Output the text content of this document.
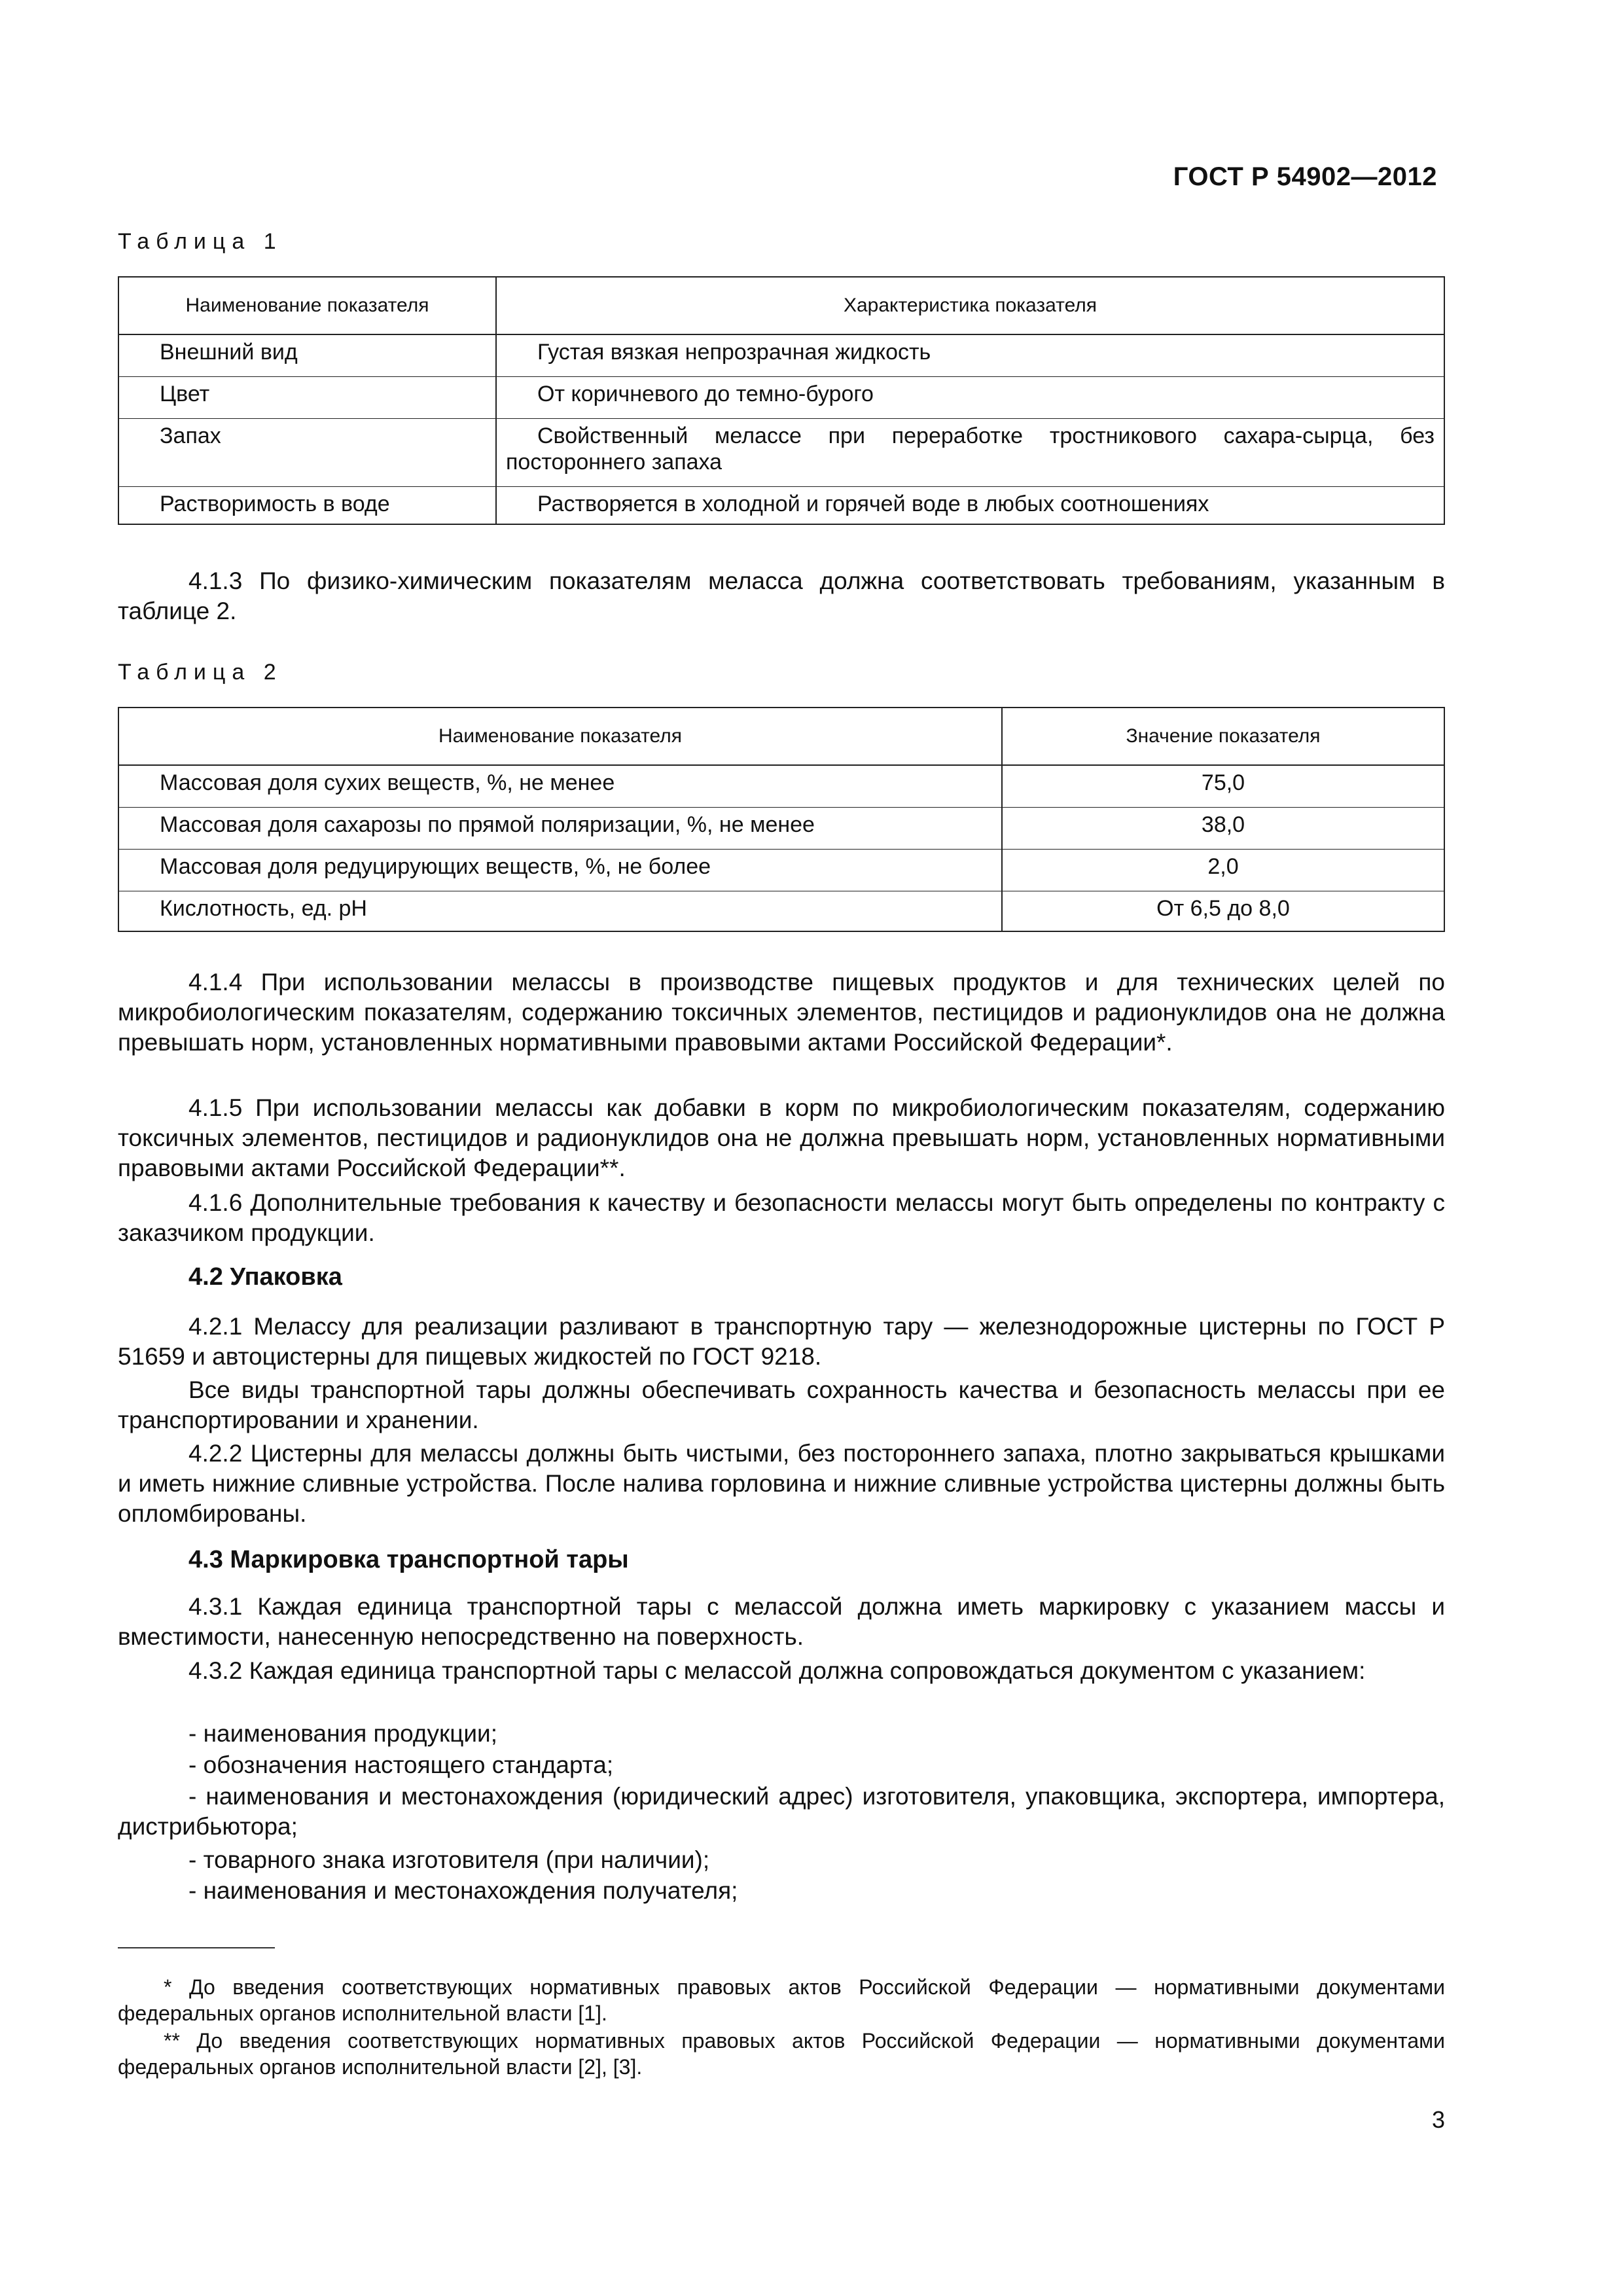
ГОСТ Р 54902—2012
Таблица 1
Наименование показателя	Характеристика показателя
Внешний вид	Густая вязкая непрозрачная жидкость
Цвет	От коричневого до темно-бурого
Запах	Свойственный мелассе при переработке тростникового сахара-сырца, без постороннего запаха
Растворимость в воде	Растворяется в холодной и горячей воде в любых соотношениях

4.1.3 По физико-химическим показателям меласса должна соответствовать требованиям, указанным в таблице 2.

Таблица 2
Наименование показателя	Значение показателя
Массовая доля сухих веществ, %, не менее	75,0
Массовая доля сахарозы по прямой поляризации, %, не менее	38,0
Массовая доля редуцирующих веществ, %, не более	2,0
Кислотность, ед. pH	От 6,5 до 8,0

4.1.4 При использовании мелассы в производстве пищевых продуктов и для технических целей по микробиологическим показателям, содержанию токсичных элементов, пестицидов и радионуклидов она не должна превышать норм, установленных нормативными правовыми актами Российской Федерации*.

4.1.5 При использовании мелассы как добавки в корм по микробиологическим показателям, содержанию токсичных элементов, пестицидов и радионуклидов она не должна превышать норм, установленных нормативными правовыми актами Российской Федерации**.

4.1.6 Дополнительные требования к качеству и безопасности мелассы могут быть определены по контракту с заказчиком продукции.

4.2 Упаковка

4.2.1 Мелассу для реализации разливают в транспортную тару — железнодорожные цистерны по ГОСТ Р 51659 и автоцистерны для пищевых жидкостей по ГОСТ 9218.

Все виды транспортной тары должны обеспечивать сохранность качества и безопасность мелассы при ее транспортировании и хранении.

4.2.2 Цистерны для мелассы должны быть чистыми, без постороннего запаха, плотно закрываться крышками и иметь нижние сливные устройства. После налива горловина и нижние сливные устройства цистерны должны быть опломбированы.

4.3 Маркировка транспортной тары

4.3.1 Каждая единица транспортной тары с мелассой должна иметь маркировку с указанием массы и вместимости, нанесенную непосредственно на поверхность.

4.3.2 Каждая единица транспортной тары с мелассой должна сопровождаться документом с указанием:

- наименования продукции;
- обозначения настоящего стандарта;

- наименования и местонахождения (юридический адрес) изготовителя, упаковщика, экспортера, импортера, дистрибьютора;

- товарного знака изготовителя (при наличии);
- наименования и местонахождения получателя;

* До введения соответствующих нормативных правовых актов Российской Федерации — нормативными документами федеральных органов исполнительной власти [1].

** До введения соответствующих нормативных правовых актов Российской Федерации — нормативными документами федеральных органов исполнительной власти [2], [3].

3
